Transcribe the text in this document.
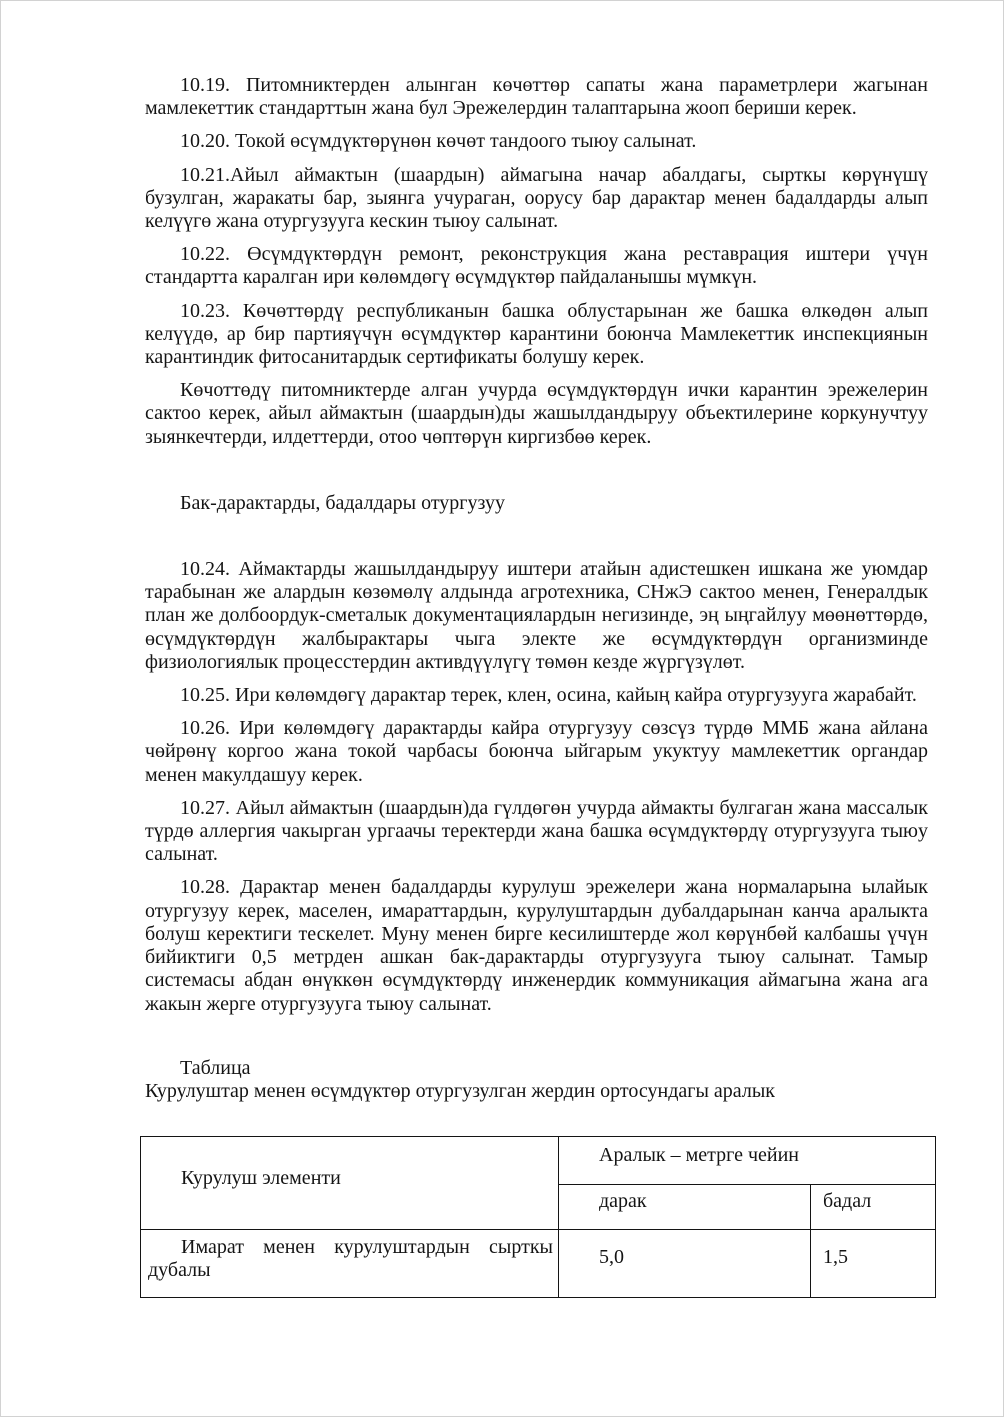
10.19. Питомниктерден алынган көчөттөр сапаты жана параметрлери жагынан мамлекеттик стандарттын жана бул Эрежелердин талаптарына жооп бериши керек.

10.20. Токой өсүмдүктөрүнөн көчөт тандоого тыюу салынат.

10.21.Айыл аймактын (шаардын) аймагына начар абалдагы, сырткы көрүнүшү бузулган, жаракаты бар, зыянга учураган, оорусу бар дарактар менен бадалдарды алып келүүгө жана отургузууга кескин тыюу салынат.

10.22. Өсүмдүктөрдүн ремонт, реконструкция жана реставрация иштери үчүн стандартта каралган ири көлөмдөгү өсүмдүктөр пайдаланышы мүмкүн.

10.23. Көчөттөрдү республиканын башка облустарынан же башка өлкөдөн алып келүүдө, ар бир партияүчүн өсүмдүктөр карантини боюнча Мамлекеттик инспекциянын карантиндик фитосанитардык сертификаты болушу керек.

Көчоттөдү питомниктерде алган учурда өсүмдүктөрдүн ички карантин эрежелерин сактоо керек, айыл аймактын (шаардын)ды жашылдандыруу объектилерине коркунучтуу зыянкечтерди, илдеттерди, отоо чөптөрүн киргизбөө керек.

Бак-дарактарды, бадалдары отургузуу

10.24. Аймактарды жашылдандыруу иштери атайын адистешкен ишкана же уюмдар тарабынан же алардын көзөмөлү алдында агротехника, СНжЭ сактоо менен, Генералдык план же долбоордук-сметалык документациялардын негизинде, эң ыңгайлуу мөөнөттөрдө, өсүмдүктөрдүн жалбырактары чыга электе же өсүмдүктөрдүн организминде физиологиялык процесстердин активдүүлүгү төмөн кезде жүргүзүлөт.

10.25. Ири көлөмдөгү дарактар терек, клен, осина, кайың кайра отургузууга жарабайт.

10.26. Ири көлөмдөгү дарактарды кайра отургузуу сөзсүз түрдө ММБ жана айлана чөйрөнү коргоо жана токой чарбасы боюнча ыйгарым укуктуу мамлекеттик органдар менен макулдашуу керек.

10.27. Айыл аймактын (шаардын)да гүлдөгөн учурда аймакты булгаган жана массалык түрдө аллергия чакырган ургаачы теректерди жана башка өсүмдүктөрдү отургузууга тыюу салынат.

10.28. Дарактар менен бадалдарды курулуш эрежелери жана нормаларына ылайык отургузуу керек, маселен, имараттардын, курулуштардын дубалдарынан канча аралыкта болуш керектиги тескелет. Муну менен бирге кесилиштерде жол көрүнбөй калбашы үчүн бийиктиги 0,5 метрден ашкан бак-дарактарды отургузууга тыюу салынат. Тамыр системасы абдан өнүккөн өсүмдүктөрдү инженердик коммуникация аймагына жана ага жакын жерге отургузууга тыюу салынат.

Таблица

Курулуштар менен өсүмдүктөр отургузулган жердин ортосундагы аралык

Курулуш элементи	Аралык – метрге чейин	
	дарак	бадал
Имарат менен курулуштардын сырткы дубалы	5,0	1,5
